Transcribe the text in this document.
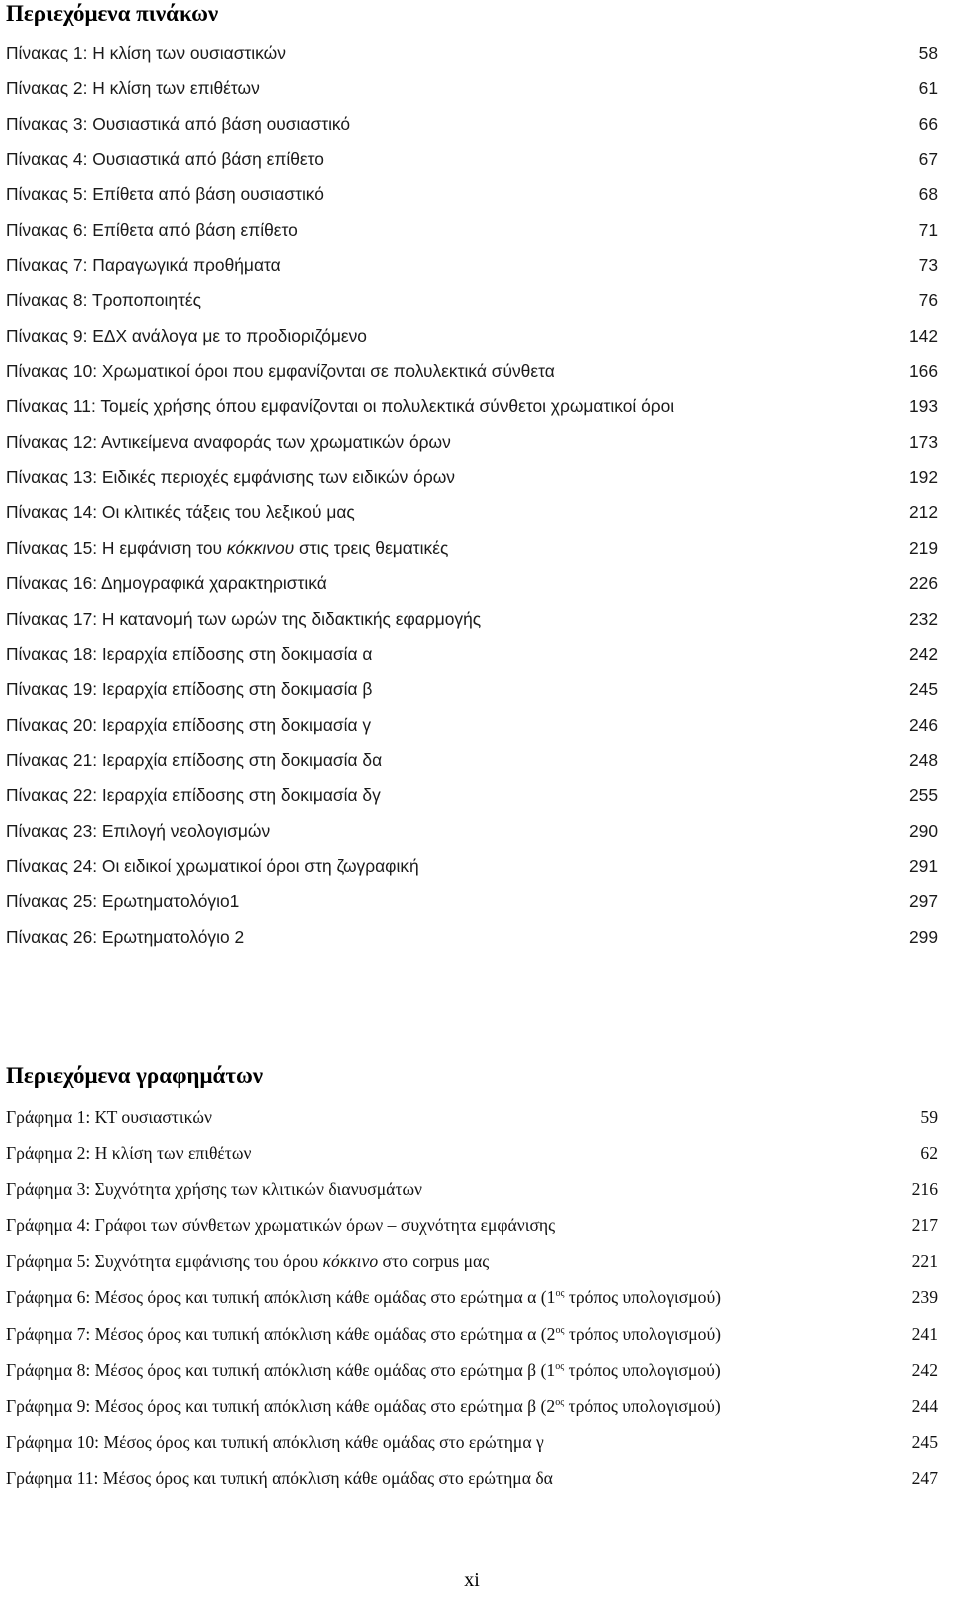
Περιεχόμενα πινάκων
Πίνακας 1: Η κλίση των ουσιαστικών	58
Πίνακας 2: Η κλίση των επιθέτων	61
Πίνακας 3: Ουσιαστικά από βάση ουσιαστικό	66
Πίνακας 4: Ουσιαστικά από βάση επίθετο	67
Πίνακας 5: Επίθετα από βάση ουσιαστικό	68
Πίνακας 6: Επίθετα από βάση επίθετο	71
Πίνακας 7: Παραγωγικά προθήματα	73
Πίνακας 8: Τροποποιητές	76
Πίνακας 9: ΕΔΧ ανάλογα με το προδιοριζόμενο	142
Πίνακας 10: Χρωματικοί όροι που εμφανίζονται σε πολυλεκτικά σύνθετα	166
Πίνακας 11: Τομείς χρήσης όπου εμφανίζονται οι πολυλεκτικά σύνθετοι χρωματικοί όροι	193
Πίνακας 12: Αντικείμενα αναφοράς των χρωματικών όρων	173
Πίνακας 13: Ειδικές περιοχές εμφάνισης των ειδικών όρων	192
Πίνακας 14: Οι κλιτικές τάξεις του λεξικού μας	212
Πίνακας 15: Η εμφάνιση του κόκκινου στις τρεις θεματικές	219
Πίνακας 16: Δημογραφικά χαρακτηριστικά	226
Πίνακας 17: Η κατανομή των ωρών της διδακτικής εφαρμογής	232
Πίνακας 18: Ιεραρχία επίδοσης στη δοκιμασία α	242
Πίνακας 19: Ιεραρχία επίδοσης στη δοκιμασία β	245
Πίνακας 20: Ιεραρχία επίδοσης στη δοκιμασία γ	246
Πίνακας 21: Ιεραρχία επίδοσης στη δοκιμασία δα	248
Πίνακας 22: Ιεραρχία επίδοσης στη δοκιμασία δγ	255
Πίνακας 23: Επιλογή νεολογισμών	290
Πίνακας 24: Οι ειδικοί χρωματικοί όροι στη ζωγραφική	291
Πίνακας 25: Ερωτηματολόγιο1	297
Πίνακας 26: Ερωτηματολόγιο 2	299
Περιεχόμενα γραφημάτων
Γράφημα 1: ΚΤ ουσιαστικών	59
Γράφημα 2: Η κλίση των επιθέτων	62
Γράφημα 3: Συχνότητα χρήσης των κλιτικών διανυσμάτων	216
Γράφημα 4: Γράφοι των σύνθετων χρωματικών όρων – συχνότητα εμφάνισης	217
Γράφημα 5: Συχνότητα εμφάνισης του όρου κόκκινο στο corpus μας	221
Γράφημα 6: Μέσος όρος και τυπική απόκλιση κάθε ομάδας στο ερώτημα α ($1^{o\varsigma}$ τρόπος υπολογισμού)	239
Γράφημα 7: Μέσος όρος και τυπική απόκλιση κάθε ομάδας στο ερώτημα α ($2^{o\varsigma}$ τρόπος υπολογισμού)	241
Γράφημα 8: Μέσος όρος και τυπική απόκλιση κάθε ομάδας στο ερώτημα β ($1^{o\varsigma}$ τρόπος υπολογισμού)	242
Γράφημα 9: Μέσος όρος και τυπική απόκλιση κάθε ομάδας στο ερώτημα β ($2^{o\varsigma}$ τρόπος υπολογισμού)	244
Γράφημα 10: Μέσος όρος και τυπική απόκλιση κάθε ομάδας στο ερώτημα γ	245
Γράφημα 11: Μέσος όρος και τυπική απόκλιση κάθε ομάδας στο ερώτημα δα	247
xi
